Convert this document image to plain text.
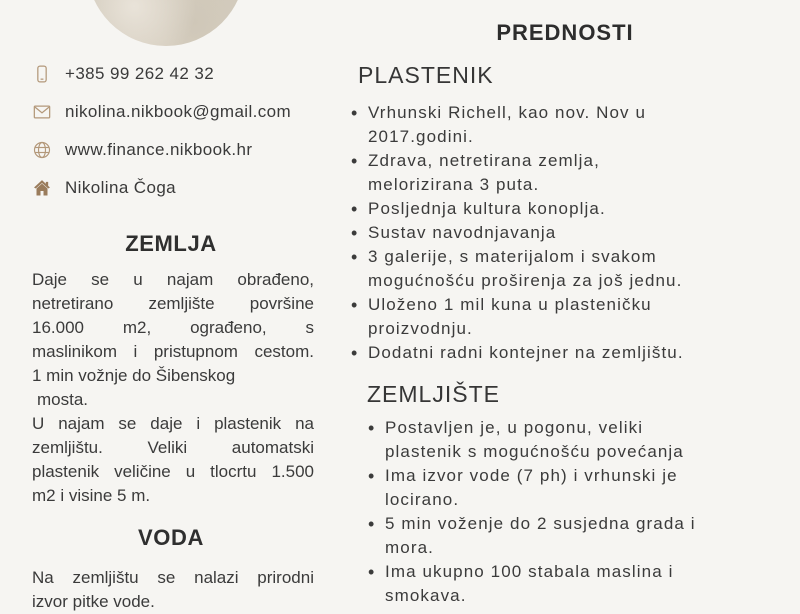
+385 99 262 42 32
nikolina.nikbook@gmail.com
www.finance.nikbook.hr
Nikolina Čoga
ZEMLJA
Daje se u najam obrađeno,
netretirano zemljište površine
16.000 m2, ograđeno, s
maslinikom i pristupnom cestom.
1 min vožnje do Šibenskog
mosta.
U najam se daje i plastenik na
zemljištu. Veliki automatski
plastenik veličine u tlocrtu 1.500
m2 i visine 5 m.
VODA
Na zemljištu se nalazi prirodni
izvor pitke vode.
PREDNOSTI
PLASTENIK
• Vrhunski Richell, kao nov. Nov u
2017.godini.
• Zdrava, netretirana zemlja,
melorizirana 3 puta.
• Posljednja kultura konoplja.
• Sustav navodnjavanja
• 3 galerije, s materijalom i svakom
mogućnošću proširenja za još jednu.
• Uloženo 1 mil kuna u plasteničku
proizvodnju.
• Dodatni radni kontejner na zemljištu.
ZEMLJIŠTE
• Postavljen je, u pogonu, veliki
plastenik s mogućnošću povećanja
• Ima izvor vode (7 ph) i vrhunski je
locirano.
• 5 min voženje do 2 susjedna grada i
mora.
• Ima ukupno 100 stabala maslina i
smokava.
